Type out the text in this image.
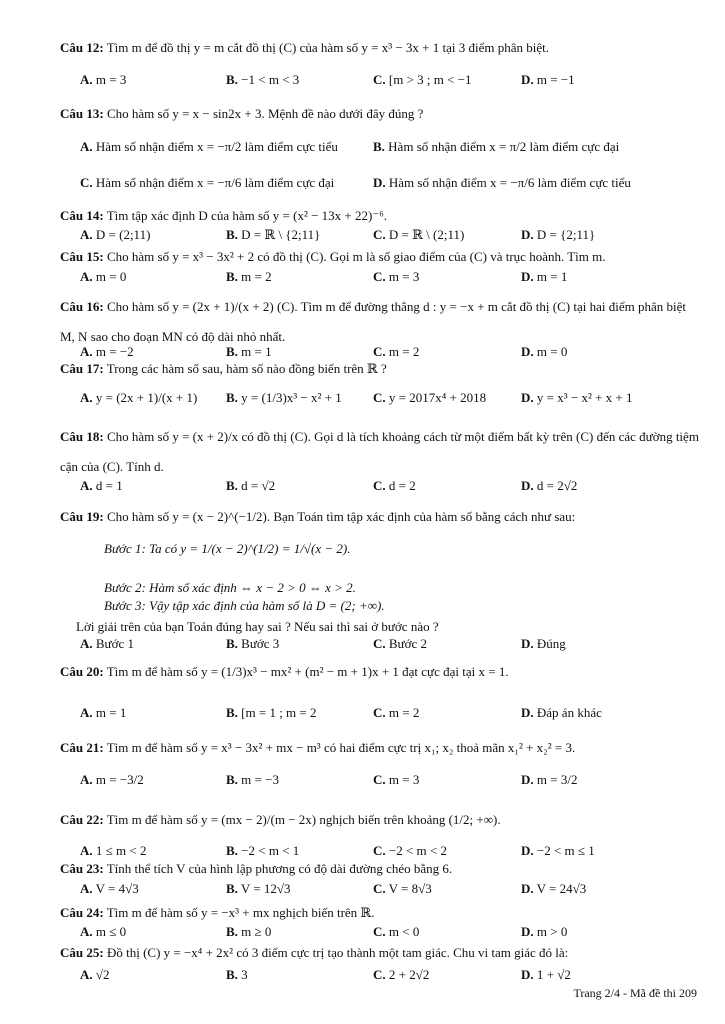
Câu 12: Tìm m để đồ thị y = m cắt đồ thị (C) của hàm số y = x³ − 3x + 1 tại 3 điểm phân biệt.
A. m = 3	B. −1 < m < 3	C. [m > 3 ; m < −1	D. m = −1
Câu 13: Cho hàm số y = x − sin2x + 3. Mệnh đề nào dưới đây đúng ?
A. Hàm số nhận điểm x = −π/2 làm điểm cực tiểu	B. Hàm số nhận điểm x = π/2 làm điểm cực đại
C. Hàm số nhận điểm x = −π/6 làm điểm cực đại	D. Hàm số nhận điểm x = −π/6 làm điểm cực tiểu
Câu 14: Tìm tập xác định D của hàm số y = (x² − 13x + 22)⁻⁶.
A. D = (2;11)	B. D = ℝ \ {2;11}	C. D = ℝ \ (2;11)	D. D = {2;11}
Câu 15: Cho hàm số y = x³ − 3x² + 2 có đồ thị (C). Gọi m là số giao điểm của (C) và trục hoành. Tìm m.
A. m = 0	B. m = 2	C. m = 3	D. m = 1
Câu 16: Cho hàm số y = (2x + 1)/(x + 2) (C). Tìm m để đường thẳng d : y = −x + m cắt đồ thị (C) tại hai điểm phân biệt M, N sao cho đoạn MN có độ dài nhỏ nhất.
A. m = −2	B. m = 1	C. m = 2	D. m = 0
Câu 17: Trong các hàm số sau, hàm số nào đồng biến trên ℝ ?
A. y = (2x + 1)/(x + 1) B. y = (1/3)x³ − x² + 1 C. y = 2017x⁴ + 2018	D. y = x³ − x² + x + 1
Câu 18: Cho hàm số y = (x + 2)/x có đồ thị (C). Gọi d là tích khoảng cách từ một điểm bất kỳ trên (C) đến các đường tiệm cận của (C). Tính d.
A. d = 1	B. d = √2	C. d = 2	D. d = 2√2
Câu 19: Cho hàm số y = (x − 2)^(−1/2). Bạn Toán tìm tập xác định của hàm số bằng cách như sau:
Bước 1: Ta có y = 1/(x − 2)^(1/2) = 1/√(x − 2).
Bước 2: Hàm số xác định ⇔ x − 2 > 0 ⇔ x > 2.
Bước 3: Vậy tập xác định của hàm số là D = (2; +∞).
Lời giải trên của bạn Toán đúng hay sai ? Nếu sai thì sai ở bước nào ?
A. Bước 1	B. Bước 3	C. Bước 2	D. Đúng
Câu 20: Tìm m để hàm số y = (1/3)x³ − mx² + (m² − m + 1)x + 1 đạt cực đại tại x = 1.
A. m = 1	B. [m = 1 ; m = 2	C. m = 2	D. Đáp án khác
Câu 21: Tìm m để hàm số y = x³ − 3x² + mx − m³ có hai điểm cực trị x₁; x₂ thoả mãn x₁² + x₂² = 3.
A. m = −3/2	B. m = −3	C. m = 3	D. m = 3/2
Câu 22: Tìm m để hàm số y = (mx − 2)/(m − 2x) nghịch biến trên khoảng (1/2; +∞).
A. 1 ≤ m < 2	B. −2 < m < 1	C. −2 < m < 2	D. −2 < m ≤ 1
Câu 23: Tính thể tích V của hình lập phương có độ dài đường chéo bằng 6.
A. V = 4√3	B. V = 12√3	C. V = 8√3	D. V = 24√3
Câu 24: Tìm m để hàm số y = −x³ + mx nghịch biến trên ℝ.
A. m ≤ 0	B. m ≥ 0	C. m < 0	D. m > 0
Câu 25: Đồ thị (C) y = −x⁴ + 2x² có 3 điểm cực trị tạo thành một tam giác. Chu vi tam giác đó là:
A. √2	B. 3	C. 2 + 2√2	D. 1 + √2
Trang 2/4 - Mã đề thi 209
